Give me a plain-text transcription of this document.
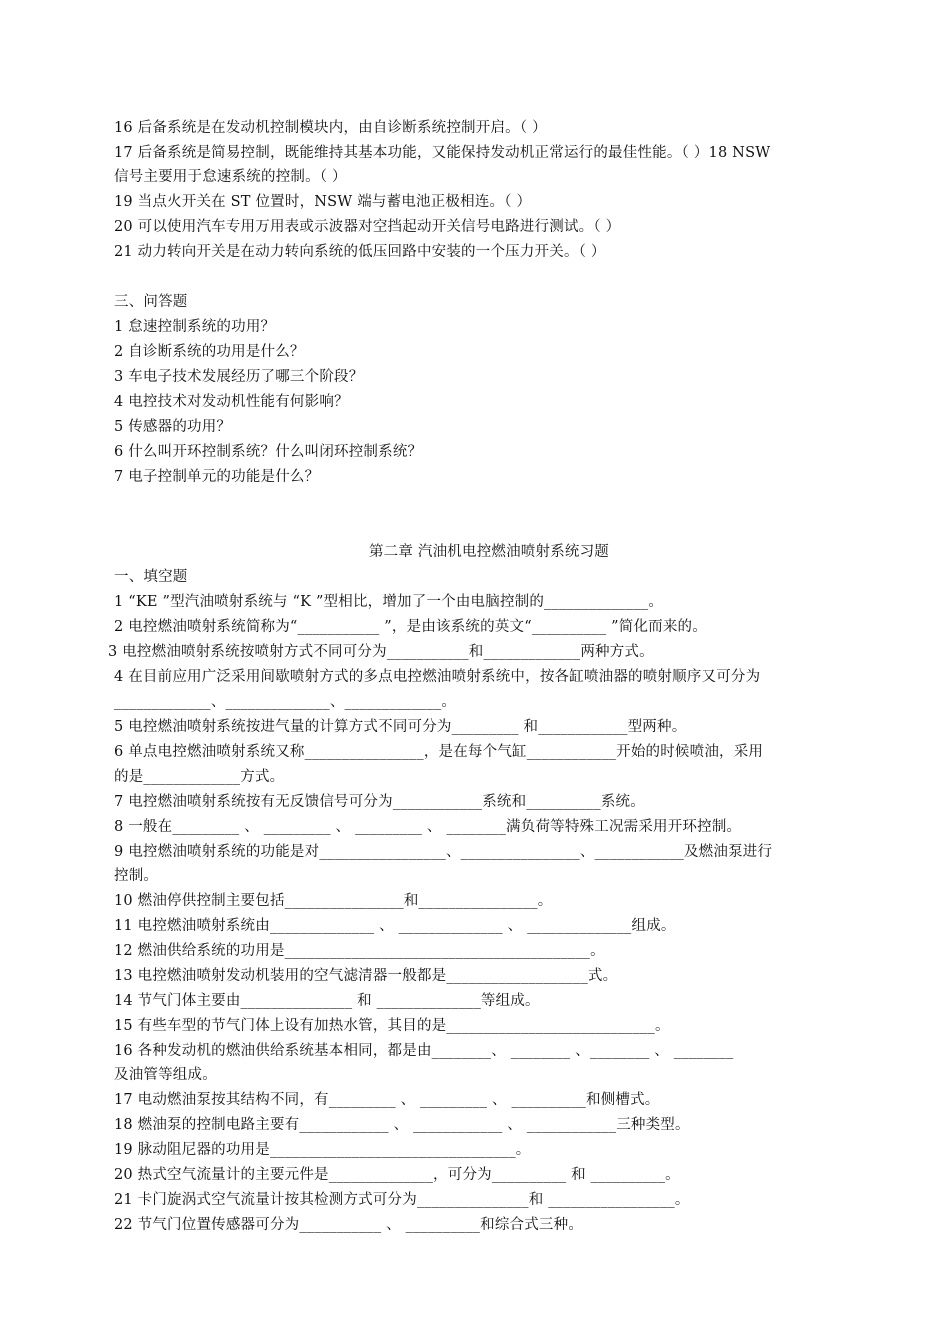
16 后备系统是在发动机控制模块内，由自诊断系统控制开启。（ ）
17 后备系统是简易控制，既能维持其基本功能，又能保持发动机正常运行的最佳性能。（ ）18 NSW
信号主要用于怠速系统的控制。（ ）
19 当点火开关在 ST 位置时，NSW 端与蓄电池正极相连。（ ）
20 可以使用汽车专用万用表或示波器对空挡起动开关信号电路进行测试。（ ）
21 动力转向开关是在动力转向系统的低压回路中安装的一个压力开关。（ ）
三、问答题
1 怠速控制系统的功用？
2 自诊断系统的功用是什么？
3 车电子技术发展经历了哪三个阶段？
4 电控技术对发动机性能有何影响？
5 传感器的功用？
6 什么叫开环控制系统？什么叫闭环控制系统？
7 电子控制单元的功能是什么？
第二章 汽油机电控燃油喷射系统习题
一、填空题
1 “KE ”型汽油喷射系统与 “K ”型相比，增加了一个由电脑控制的______________。
2 电控燃油喷射系统简称为“___________ ”，是由该系统的英文“__________ ”简化而来的。
3 电控燃油喷射系统按喷射方式不同可分为___________和_____________两种方式。
4 在目前应用广泛采用间歇喷射方式的多点电控燃油喷射系统中，按各缸喷油器的喷射顺序又可分为
_____________、______________、_____________。
5 电控燃油喷射系统按进气量的计算方式不同可分为_________ 和____________型两种。
6 单点电控燃油喷射系统又称________________，是在每个气缸____________开始的时候喷油，采用
的是_____________方式。
7 电控燃油喷射系统按有无反馈信号可分为____________系统和__________系统。
8 一般在_________ 、 _________ 、 _________ 、 ________满负荷等特殊工况需采用开环控制。
9 电控燃油喷射系统的功能是对_________________、________________、____________及燃油泵进行
控制。
10 燃油停供控制主要包括________________和________________。
11 电控燃油喷射系统由______________ 、 ______________ 、 ______________组成。
12 燃油供给系统的功用是_________________________________________。
13 电控燃油喷射发动机装用的空气滤清器一般都是___________________式。
14 节气门体主要由_______________ 和 ______________等组成。
15 有些车型的节气门体上设有加热水管，其目的是____________________________。
16 各种发动机的燃油供给系统基本相同，都是由________、 ________ 、________ 、 ________
及油管等组成。
17 电动燃油泵按其结构不同，有_________ 、 _________ 、 __________和侧槽式。
18 燃油泵的控制电路主要有____________ 、 ____________ 、 ____________三种类型。
19 脉动阻尼器的功用是_________________________________。
20 热式空气流量计的主要元件是______________，可分为__________ 和 __________。
21 卡门旋涡式空气流量计按其检测方式可分为_______________和 _________________。
22 节气门位置传感器可分为___________ 、 __________和综合式三种。
